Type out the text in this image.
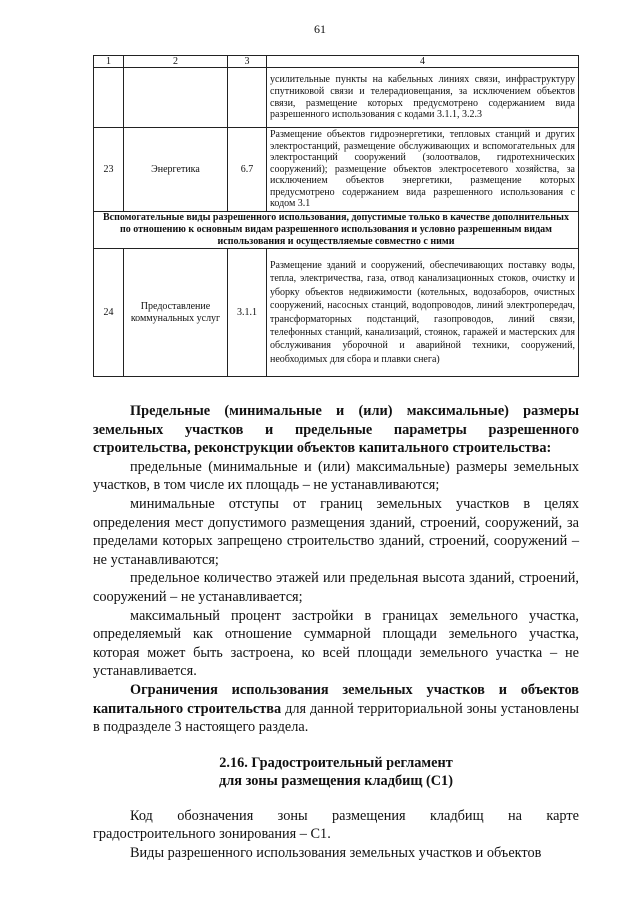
61
1	2	3	4
			усилительные пункты на кабельных линиях связи, инфраструктуру спутниковой связи и телерадиовещания, за исключением объектов связи, размещение которых предусмотрено содержанием вида разрешенного использования с кодами 3.1.1, 3.2.3
23	Энергетика	6.7	Размещение объектов гидроэнергетики, тепловых станций и других электростанций, размещение обслуживающих и вспомогательных для электростанций сооружений (золоотвалов, гидротехнических сооружений); размещение объектов электросетевого хозяйства, за исключением объектов энергетики, размещение которых предусмотрено содержанием вида разрешенного использования с кодом 3.1
Вспомогательные виды разрешенного использования, допустимые только в качестве дополнительных по отношению к основным видам разрешенного использования и условно разрешенным видам использования и осуществляемые совместно с ними			
24	Предоставление коммунальных услуг	3.1.1	Размещение зданий и сооружений, обеспечивающих поставку воды, тепла, электричества, газа, отвод канализационных стоков, очистку и уборку объектов недвижимости (котельных, водозаборов, очистных сооружений, насосных станций, водопроводов, линий электропередач, трансформаторных подстанций, газопроводов, линий связи, телефонных станций, канализаций, стоянок, гаражей и мастерских для обслуживания уборочной и аварийной техники, сооружений, необходимых для сбора и плавки снега)

Предельные (минимальные и (или) максимальные) размеры земельных участков и предельные параметры разрешенного строительства, реконструкции объектов капитального строительства:

предельные (минимальные и (или) максимальные) размеры земельных участков, в том числе их площадь – не устанавливаются;

минимальные отступы от границ земельных участков в целях определения мест допустимого размещения зданий, строений, сооружений, за пределами которых запрещено строительство зданий, строений, сооружений – не устанавливаются;

предельное количество этажей или предельная высота зданий, строений, сооружений – не устанавливается;

максимальный процент застройки в границах земельного участка, определяемый как отношение суммарной площади земельного участка, которая может быть застроена, ко всей площади земельного участка – не устанавливается.

Ограничения использования земельных участков и объектов капитального строительства для данной территориальной зоны установлены в подразделе 3 настоящего раздела.

2.16. Градостроительный регламент
для зоны размещения кладбищ (С1)

Код обозначения зоны размещения кладбищ на карте градостроительного зонирования – С1.

Виды разрешенного использования земельных участков и объектов
